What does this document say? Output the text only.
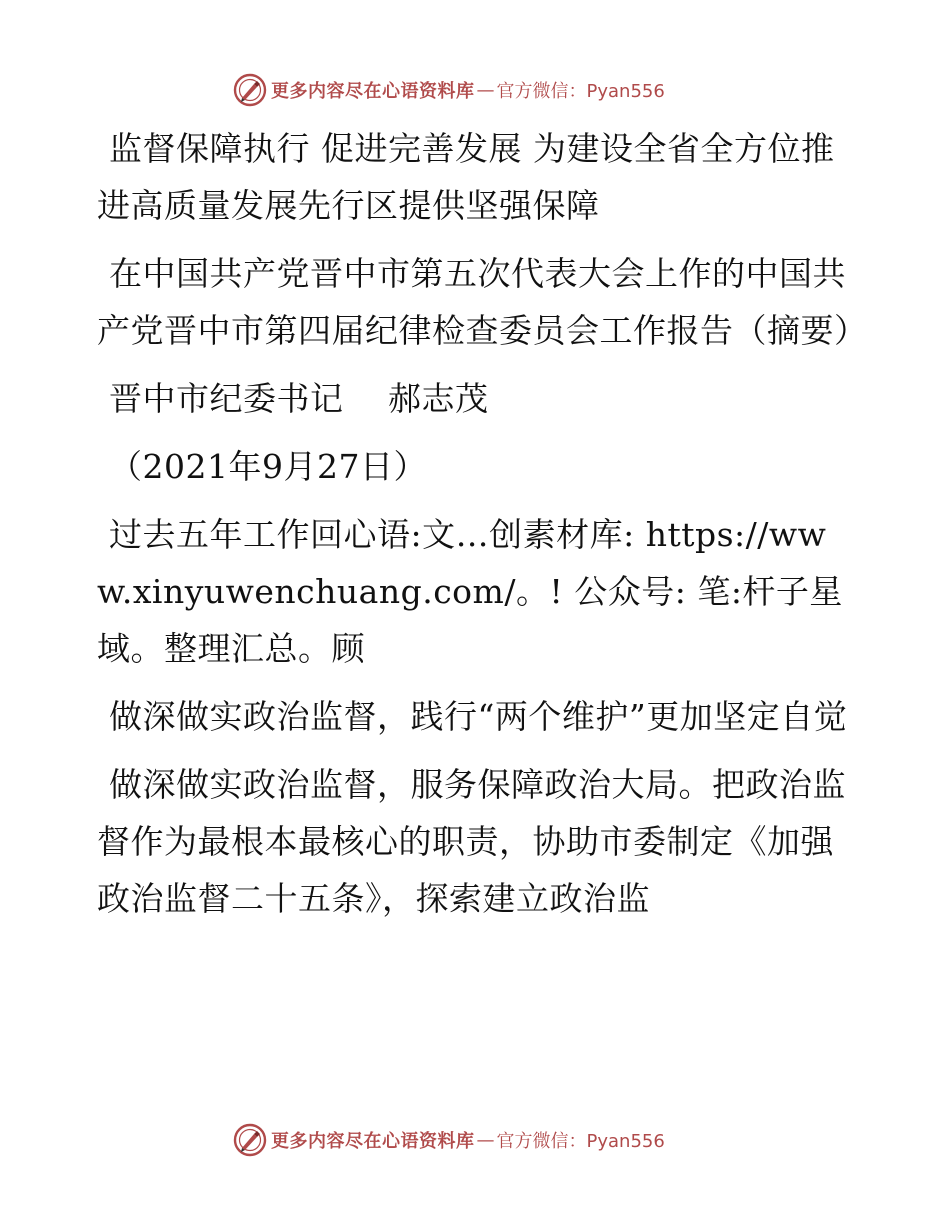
更多内容尽在心语资料库 — 官方微信：Pyan556

监督保障执行 促进完善发展 为建设全省全方位推进高质量发展先行区提供坚强保障

在中国共产党晋中市第五次代表大会上作的中国共产党晋中市第四届纪律检查委员会工作报告（摘要）

晋中市纪委书记　 郝志茂

（2021年9月27日）

过去五年工作回心语:文…创素材库: https://www.xinyuwenchuang.com/。! 公众号: 笔:杆子星域。整理汇总。顾

做深做实政治监督，践行“两个维护”更加坚定自觉

做深做实政治监督，服务保障政治大局。把政治监督作为最根本最核心的职责，协助市委制定《加强政治监督二十五条》，探索建立政治监

更多内容尽在心语资料库 — 官方微信：Pyan556
